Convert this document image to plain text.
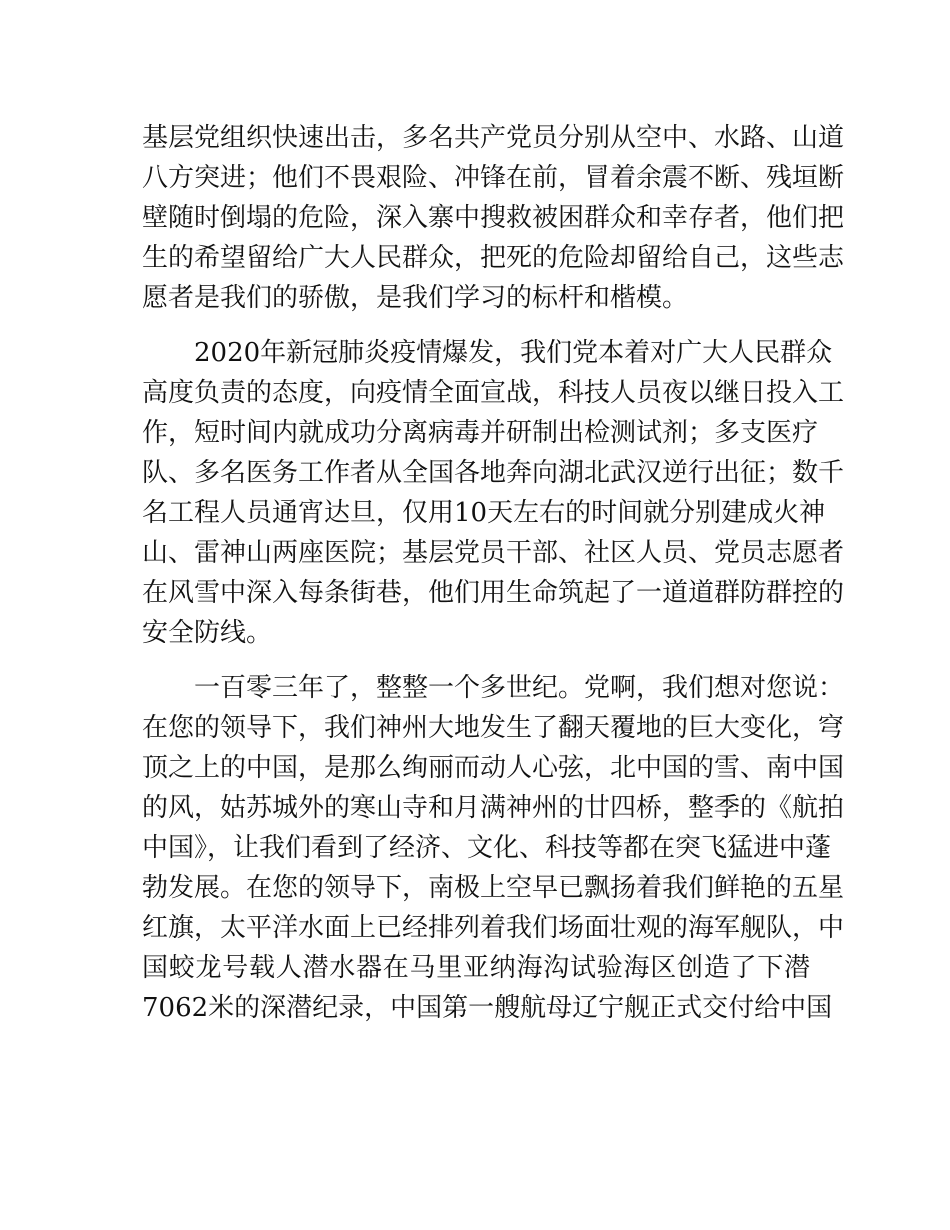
基层党组织快速出击，多名共产党员分别从空中、水路、山道
八方突进；他们不畏艰险、冲锋在前，冒着余震不断、残垣断
壁随时倒塌的危险，深入寨中搜救被困群众和幸存者，他们把
生的希望留给广大人民群众，把死的危险却留给自己，这些志
愿者是我们的骄傲，是我们学习的标杆和楷模。
　　2020年新冠肺炎疫情爆发，我们党本着对广大人民群众
高度负责的态度，向疫情全面宣战，科技人员夜以继日投入工
作，短时间内就成功分离病毒并研制出检测试剂；多支医疗
队、多名医务工作者从全国各地奔向湖北武汉逆行出征；数千
名工程人员通宵达旦，仅用10天左右的时间就分别建成火神
山、雷神山两座医院；基层党员干部、社区人员、党员志愿者
在风雪中深入每条街巷，他们用生命筑起了一道道群防群控的
安全防线。
　　一百零三年了，整整一个多世纪。党啊，我们想对您说：
在您的领导下，我们神州大地发生了翻天覆地的巨大变化，穹
顶之上的中国，是那么绚丽而动人心弦，北中国的雪、南中国
的风，姑苏城外的寒山寺和月满神州的廿四桥，整季的《航拍
中国》，让我们看到了经济、文化、科技等都在突飞猛进中蓬
勃发展。在您的领导下，南极上空早已飘扬着我们鲜艳的五星
红旗，太平洋水面上已经排列着我们场面壮观的海军舰队，中
国蛟龙号载人潜水器在马里亚纳海沟试验海区创造了下潜
7062米的深潜纪录，中国第一艘航母辽宁舰正式交付给中国
